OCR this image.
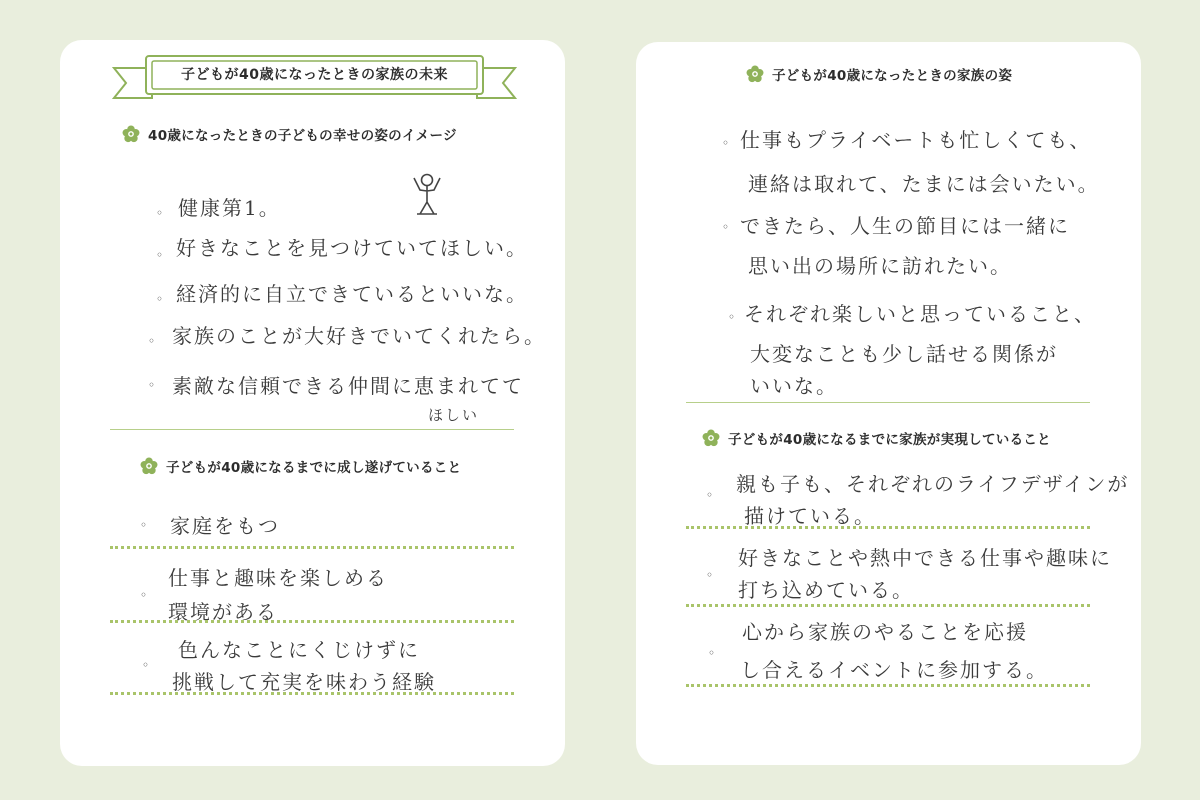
子どもが40歳になったときの家族の未来
40歳になったときの子どもの幸せの姿のイメージ
◦ 健康第1。
◦ 好きなことを見つけていてほしい。
◦ 経済的に自立できているといいな。
◦ 家族のことが大好きでいてくれたら。
◦ 素敵な信頼できる仲間に恵まれてて
ほしい
子どもが40歳になるまでに成し遂げていること
◦ 家庭をもつ
仕事と趣味を楽しめる
◦
環境がある
色んなことにくじけずに
◦
挑戦して充実を味わう経験
子どもが40歳になったときの家族の姿
◦ 仕事もプライベートも忙しくても、
連絡は取れて、たまには会いたい。
◦ できたら、人生の節目には一緒に
思い出の場所に訪れたい。
◦ それぞれ楽しいと思っていること、
大変なことも少し話せる関係が
いいな。
子どもが40歳になるまでに家族が実現していること
◦ 親も子も、それぞれのライフデザインが
描けている。
◦
好きなことや熱中できる仕事や趣味に
打ち込めている。
◦
心から家族のやることを応援
し合えるイベントに参加する。
